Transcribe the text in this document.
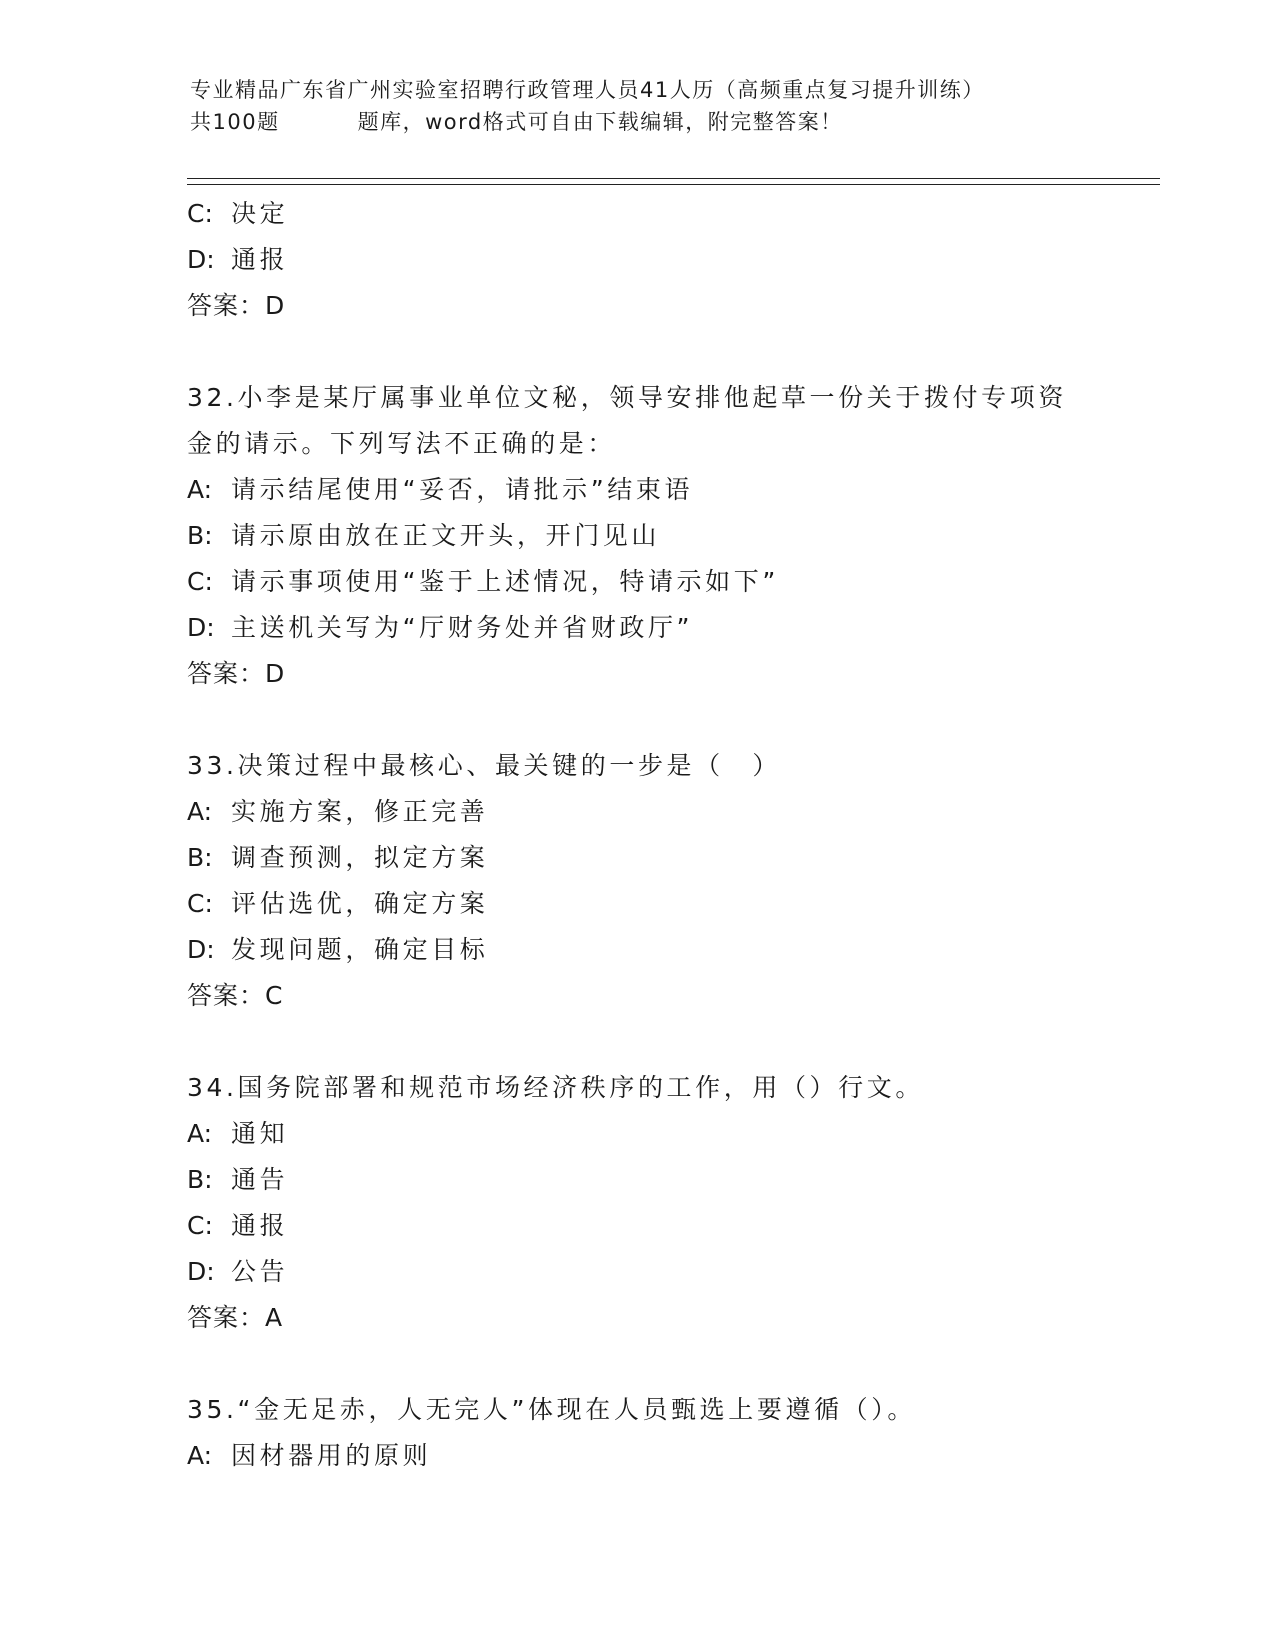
专业精品广东省广州实验室招聘行政管理人员41人历（高频重点复习提升训练）
共100题	题库，word格式可自由下载编辑，附完整答案！
C: 决定
D: 通报
答案：D
32.小李是某厅属事业单位文秘，领导安排他起草一份关于拨付专项资
金的请示。下列写法不正确的是：
A: 请示结尾使用“妥否，请批示”结束语
B: 请示原由放在正文开头，开门见山
C: 请示事项使用“鉴于上述情况，特请示如下”
D: 主送机关写为“厅财务处并省财政厅”
答案：D
33.决策过程中最核心、最关键的一步是（　）
A: 实施方案，修正完善
B: 调查预测，拟定方案
C: 评估选优，确定方案
D: 发现问题，确定目标
答案：C
34.国务院部署和规范市场经济秩序的工作，用（）行文。
A: 通知
B: 通告
C: 通报
D: 公告
答案：A
35.“金无足赤，人无完人”体现在人员甄选上要遵循（）。
A: 因材器用的原则
